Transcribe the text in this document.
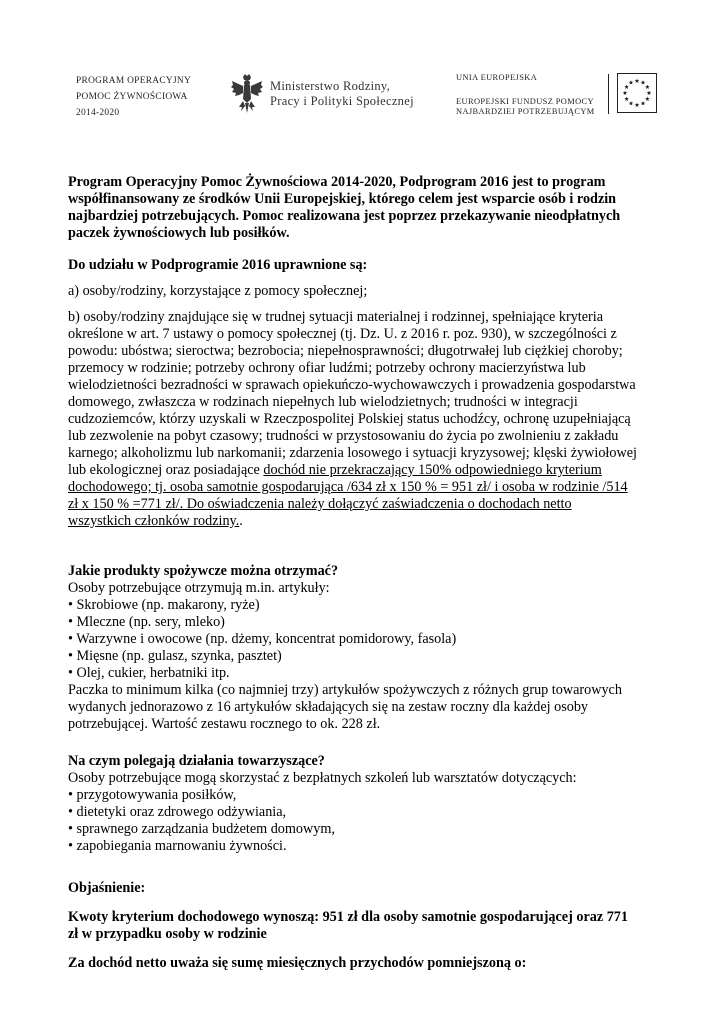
PROGRAM OPERACYJNY
POMOC ŻYWNOŚCIOWA
2014-2020
Ministerstwo Rodziny,
Pracy i Polityki Społecznej
UNIA EUROPEJSKA
EUROPEJSKI FUNDUSZ POMOCY
NAJBARDZIEJ POTRZEBUJĄCYM

Program Operacyjny Pomoc Żywnościowa 2014-2020, Podprogram 2016 jest to program
współfinansowany ze środków Unii Europejskiej, którego celem jest wsparcie osób i rodzin
najbardziej potrzebujących. Pomoc realizowana jest poprzez przekazywanie nieodpłatnych
paczek żywnościowych lub posiłków.

Do udziału w Podprogramie 2016 uprawnione są:

a) osoby/rodziny, korzystające z pomocy społecznej;

b) osoby/rodziny znajdujące się w trudnej sytuacji materialnej i rodzinnej, spełniające kryteria
określone w art. 7 ustawy o pomocy społecznej (tj. Dz. U. z 2016 r. poz. 930), w szczególności z
powodu: ubóstwa; sieroctwa; bezrobocia; niepełnosprawności; długotrwałej lub ciężkiej choroby;
przemocy w rodzinie; potrzeby ochrony ofiar ludźmi; potrzeby ochrony macierzyństwa lub
wielodzietności bezradności w sprawach opiekuńczo-wychowawczych i prowadzenia gospodarstwa
domowego, zwłaszcza w rodzinach niepełnych lub wielodzietnych; trudności w integracji
cudzoziemców, którzy uzyskali w Rzeczpospolitej Polskiej status uchodźcy, ochronę uzupełniającą
lub zezwolenie na pobyt czasowy; trudności w przystosowaniu do życia po zwolnieniu z zakładu
karnego; alkoholizmu lub narkomanii; zdarzenia losowego i sytuacji kryzysowej; klęski żywiołowej
lub ekologicznej oraz posiadające dochód nie przekraczający 150% odpowiedniego kryterium
dochodowego; tj. osoba samotnie gospodarująca /634 zł x 150 % = 951 zł/ i osoba w rodzinie /514
zł x 150 % =771 zł/. Do oświadczenia należy dołączyć zaświadczenia o dochodach netto
wszystkich członków rodziny..

Jakie produkty spożywcze można otrzymać?

Osoby potrzebujące otrzymują m.in. artykuły:
• Skrobiowe (np. makarony, ryże)
• Mleczne (np. sery, mleko)
• Warzywne i owocowe (np. dżemy, koncentrat pomidorowy, fasola)
• Mięsne (np. gulasz, szynka, pasztet)
• Olej, cukier, herbatniki itp.
Paczka to minimum kilka (co najmniej trzy) artykułów spożywczych z różnych grup towarowych
wydanych jednorazowo z 16 artykułów składających się na zestaw roczny dla każdej osoby
potrzebującej. Wartość zestawu rocznego to ok. 228 zł.

Na czym polegają działania towarzyszące?

Osoby potrzebujące mogą skorzystać z bezpłatnych szkoleń lub warsztatów dotyczących:
• przygotowywania posiłków,
• dietetyki oraz zdrowego odżywiania,
• sprawnego zarządzania budżetem domowym,
• zapobiegania marnowaniu żywności.

Objaśnienie:

Kwoty kryterium dochodowego wynoszą: 951 zł dla osoby samotnie gospodarującej oraz 771
zł w przypadku osoby w rodzinie

Za dochód netto uważa się sumę miesięcznych przychodów pomniejszoną o:
